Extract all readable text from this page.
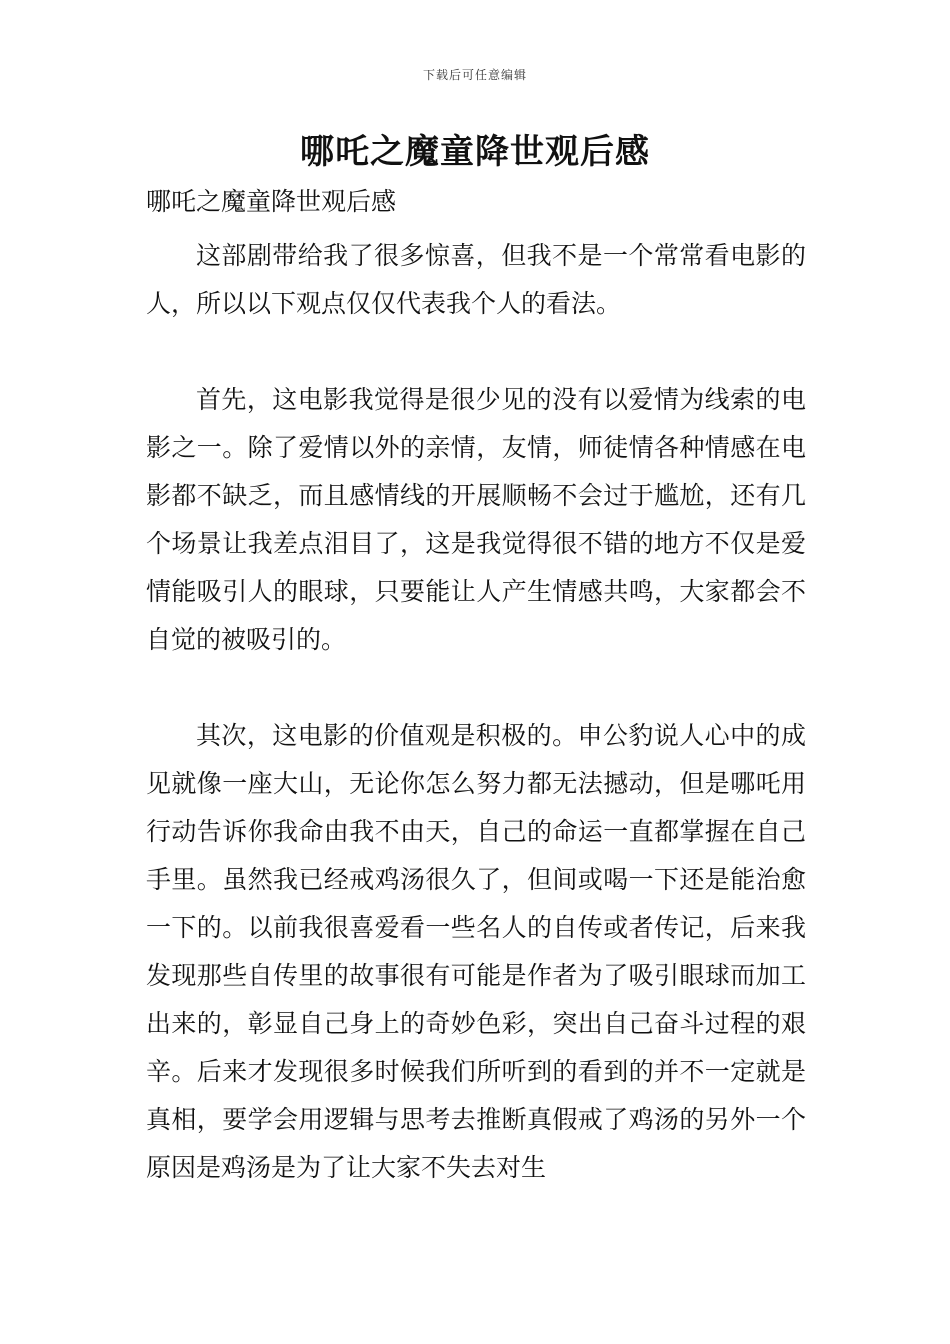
下载后可任意编辑
哪吒之魔童降世观后感

哪吒之魔童降世观后感

这部剧带给我了很多惊喜，但我不是一个常常看电影的人，所以以下观点仅仅代表我个人的看法。

首先，这电影我觉得是很少见的没有以爱情为线索的电影之一。除了爱情以外的亲情，友情，师徒情各种情感在电影都不缺乏，而且感情线的开展顺畅不会过于尴尬，还有几个场景让我差点泪目了，这是我觉得很不错的地方不仅是爱情能吸引人的眼球，只要能让人产生情感共鸣，大家都会不自觉的被吸引的。

其次，这电影的价值观是积极的。申公豹说人心中的成见就像一座大山，无论你怎么努力都无法撼动，但是哪吒用行动告诉你我命由我不由天，自己的命运一直都掌握在自己手里。虽然我已经戒鸡汤很久了，但间或喝一下还是能治愈一下的。以前我很喜爱看一些名人的自传或者传记，后来我发现那些自传里的故事很有可能是作者为了吸引眼球而加工出来的，彰显自己身上的奇妙色彩，突出自己奋斗过程的艰辛。后来才发现很多时候我们所听到的看到的并不一定就是真相，要学会用逻辑与思考去推断真假戒了鸡汤的另外一个原因是鸡汤是为了让大家不失去对生
